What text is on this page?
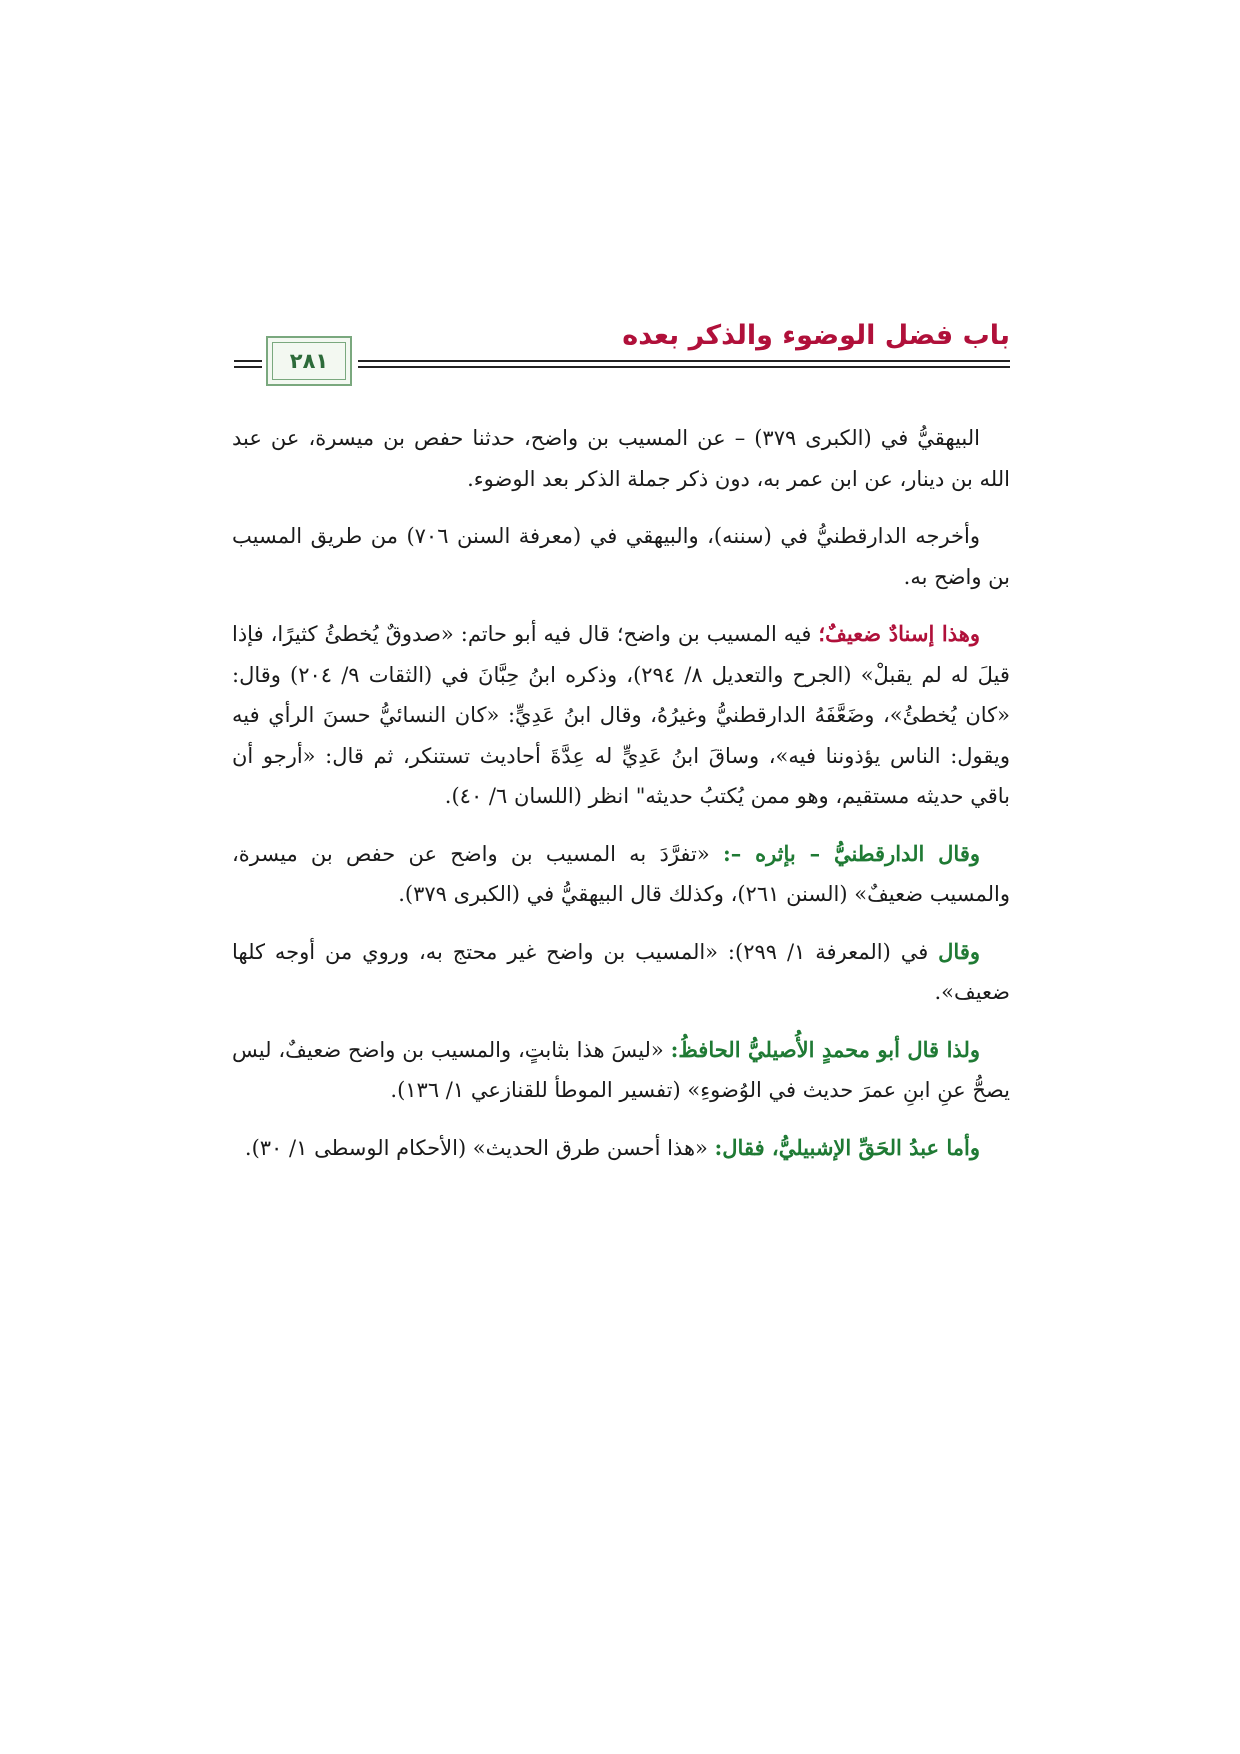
باب فضل الوضوء والذكر بعده
٢٨١

البيهقيُّ في (الكبرى ٣٧٩) – عن المسيب بن واضح، حدثنا حفص بن ميسرة، عن عبد الله بن دينار، عن ابن عمر به، دون ذكر جملة الذكر بعد الوضوء.

وأخرجه الدارقطنيُّ في (سننه)، والبيهقي في (معرفة السنن ٧٠٦) من طريق المسيب بن واضح به.

وهذا إسنادٌ ضعيفٌ؛ فيه المسيب بن واضح؛ قال فيه أبو حاتم: «صدوقٌ يُخطئُ كثيرًا، فإذا قيلَ له لم يقبلْ» (الجرح والتعديل ٨/ ٢٩٤)، وذكره ابنُ حِبَّانَ في (الثقات ٩/ ٢٠٤) وقال: «كان يُخطئُ»، وضَعَّفَهُ الدارقطنيُّ وغيرُهُ، وقال ابنُ عَدِيٍّ: «كان النسائيُّ حسنَ الرأي فيه ويقول: الناس يؤذوننا فيه»، وساقَ ابنُ عَدِيٍّ له عِدَّةَ أحاديث تستنكر، ثم قال: «أرجو أن باقي حديثه مستقيم، وهو ممن يُكتبُ حديثه" انظر (اللسان ٦/ ٤٠).

وقال الدارقطنيُّ – بإثره –: «تفرَّدَ به المسيب بن واضح عن حفص بن ميسرة، والمسيب ضعيفٌ» (السنن ٢٦١)، وكذلك قال البيهقيُّ في (الكبرى ٣٧٩).

وقال في (المعرفة ١/ ٢٩٩): «المسيب بن واضح غير محتج به، وروي من أوجه كلها ضعيف».

ولذا قال أبو محمدٍ الأُصيليُّ الحافظُ: «ليسَ هذا بثابتٍ، والمسيب بن واضح ضعيفٌ، ليس يصحُّ عنِ ابنِ عمرَ حديث في الوُضوءِ» (تفسير الموطأ للقنازعي ١/ ١٣٦).

وأما عبدُ الحَقِّ الإشبيليُّ، فقال: «هذا أحسن طرق الحديث» (الأحكام الوسطى ١/ ٣٠).
